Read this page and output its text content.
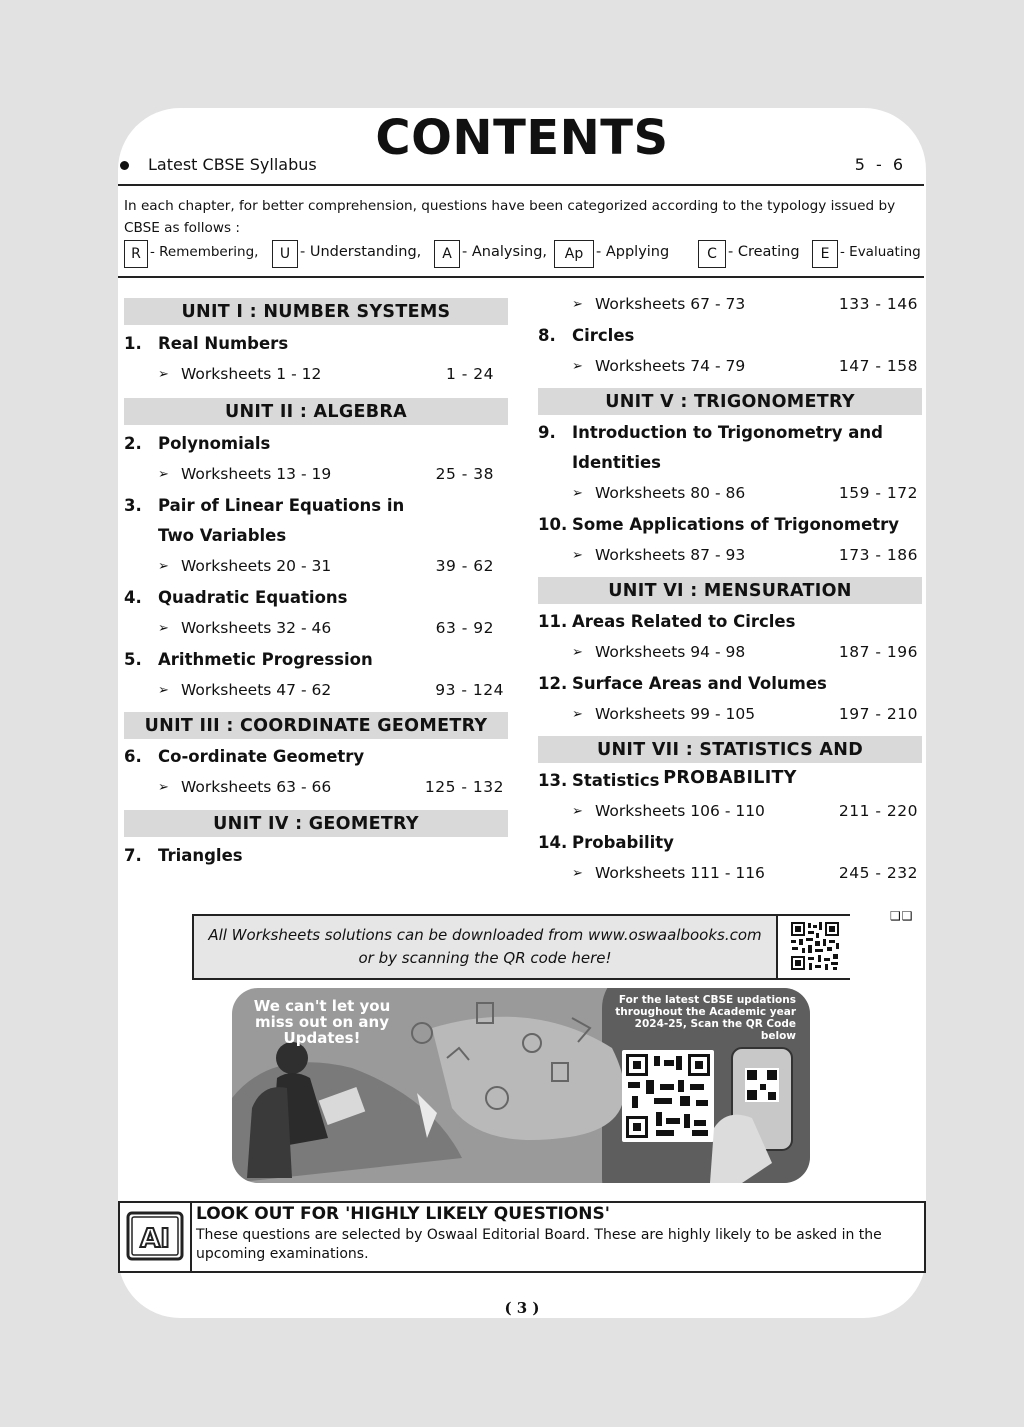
CONTENTS
Latest CBSE Syllabus	5 - 6
In each chapter, for better comprehension, questions have been categorized according to the typology issued by CBSE as follows :
R - Remembering,	U - Understanding,	A - Analysing,	Ap - Applying	C - Creating	E - Evaluating
UNIT I : NUMBER SYSTEMS
1. Real Numbers
➢ Worksheets 1 - 12	1 - 24
UNIT II : ALGEBRA
2. Polynomials
➢ Worksheets 13 - 19	25 - 38
3. Pair of Linear Equations in
Two Variables
➢ Worksheets 20 - 31	39 - 62
4. Quadratic Equations
➢ Worksheets 32 - 46	63 - 92
5. Arithmetic Progression
➢ Worksheets 47 - 62	93 - 124
UNIT III : COORDINATE GEOMETRY
6. Co-ordinate Geometry
➢ Worksheets 63 - 66	125 - 132
UNIT IV : GEOMETRY
7. Triangles
➢ Worksheets 67 - 73	133 - 146
8. Circles
➢ Worksheets 74 - 79	147 - 158
UNIT V : TRIGONOMETRY
9. Introduction to Trigonometry and
Identities
➢ Worksheets 80 - 86	159 - 172
10. Some Applications of Trigonometry
➢ Worksheets 87 - 93	173 - 186
UNIT VI : MENSURATION
11. Areas Related to Circles
➢ Worksheets 94 - 98	187 - 196
12. Surface Areas and Volumes
➢ Worksheets 99 - 105	197 - 210
UNIT VII : STATISTICS AND PROBABILITY
13. Statistics
➢ Worksheets 106 - 110	211 - 220
14. Probability
➢ Worksheets 111 - 116	245 - 232
All Worksheets solutions can be downloaded from www.oswaalbooks.com
or by scanning the QR code here!
❑❑
We can't let you miss out on any Updates!
For the latest CBSE updations throughout the Academic year 2024-25, Scan the QR Code below
AI
LOOK OUT FOR 'HIGHLY LIKELY QUESTIONS'
These questions are selected by Oswaal Editorial Board. These are highly likely to be asked in the upcoming examinations.
( 3 )
